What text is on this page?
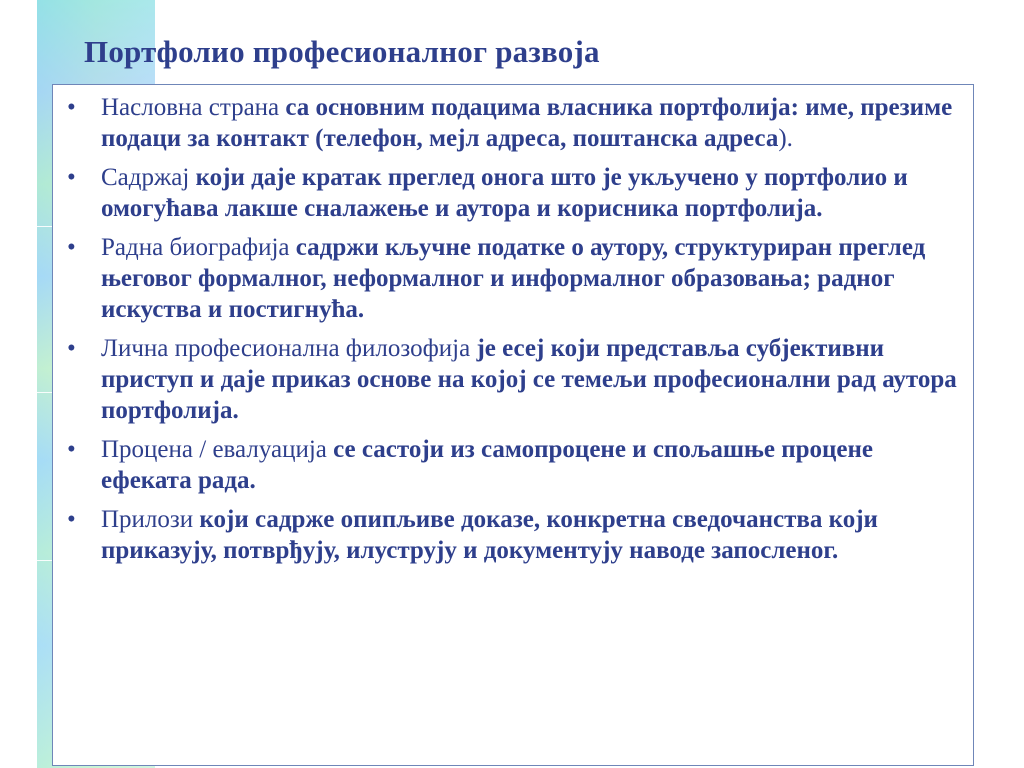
Портфолио професионалног развоја
• Насловна страна са основним подацима власника портфолија: име, презиме подаци за контакт (телефон, мејл адреса, поштанска адреса).
• Садржај који даје кратак преглед онога што је укључено у портфолио и омогућава лакше сналажење и аутора и корисника портфолија.
• Радна биографија садржи кључне податке о аутору, структуриран преглед његовог формалног, неформалног и информалног образовања; радног искуства и постигнућа.
• Лична професионална филозофија је есеј који представља субјективни приступ и даје приказ основе на којој се темељи професионални рад аутора портфолија.
• Процена / евалуација се састоји из самопроцене и спољашње процене ефеката рада.
• Прилози који садрже опипљиве доказе, конкретна сведочанства који приказују, потврђују, илуструју и документују наводе запосленог.
